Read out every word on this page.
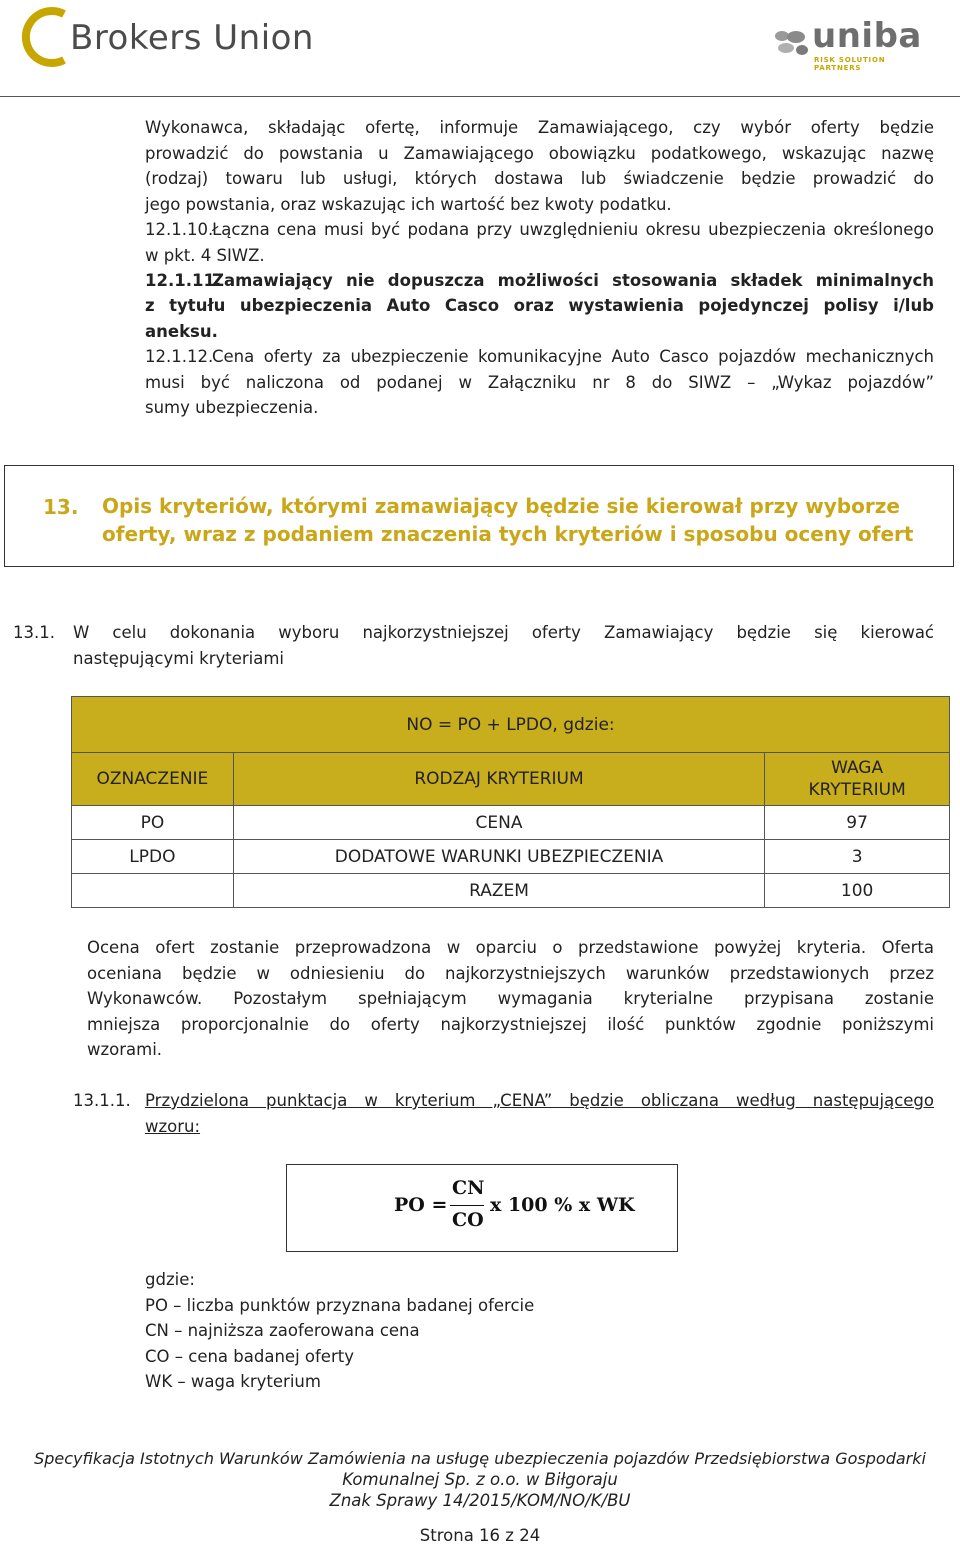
Brokers Union	uniba
RISK SOLUTION PARTNERS
Wykonawca, składając ofertę, informuje Zamawiającego, czy wybór oferty będzie
prowadzić do powstania u Zamawiającego obowiązku podatkowego, wskazując nazwę
(rodzaj) towaru lub usługi, których dostawa lub świadczenie będzie prowadzić do
jego powstania, oraz wskazując ich wartość bez kwoty podatku.
12.1.10.
Łączna cena musi być podana przy uwzględnieniu okresu ubezpieczenia określonego
w pkt. 4 SIWZ.
12.1.11.
Zamawiający nie dopuszcza możliwości stosowania składek minimalnych
z tytułu ubezpieczenia Auto Casco oraz wystawienia pojedynczej polisy i/lub
aneksu.
12.1.12.
Cena oferty za ubezpieczenie komunikacyjne Auto Casco pojazdów mechanicznych
musi być naliczona od podanej w Załączniku nr 8 do SIWZ – „Wykaz pojazdów”
sumy ubezpieczenia.
13. Opis kryteriów, którymi zamawiający będzie sie kierował przy wyborze oferty, wraz z podaniem znaczenia tych kryteriów i sposobu oceny ofert
13.1. W celu dokonania wyboru najkorzystniejszej oferty Zamawiający będzie się kierować
następującymi kryteriami
NO = PO + LPDO, gdzie:		
OZNACZENIE	RODZAJ KRYTERIUM	WAGA KRYTERIUM
PO	CENA	97
LPDO	DODATOWE WARUNKI UBEZPIECZENIA	3
	RAZEM	100
Ocena ofert zostanie przeprowadzona w oparciu o przedstawione powyżej kryteria. Oferta
oceniana będzie w odniesieniu do najkorzystniejszych warunków przedstawionych przez
Wykonawców. Pozostałym spełniającym wymagania kryterialne przypisana zostanie
mniejsza proporcjonalnie do oferty najkorzystniejszej ilość punktów zgodnie poniższymi
wzorami.
13.1.1. Przydzielona punktacja w kryterium „CENA” będzie obliczana według następującego
wzoru:
PO =
CN
CO
x 100 % x WK
gdzie:
PO – liczba punktów przyznana badanej ofercie
CN – najniższa zaoferowana cena
CO – cena badanej oferty
WK – waga kryterium
Specyfikacja Istotnych Warunków Zamówienia na usługę ubezpieczenia pojazdów Przedsiębiorstwa Gospodarki
Komunalnej Sp. z o.o. w Biłgoraju
Znak Sprawy 14/2015/KOM/NO/K/BU
Strona 16 z 24
